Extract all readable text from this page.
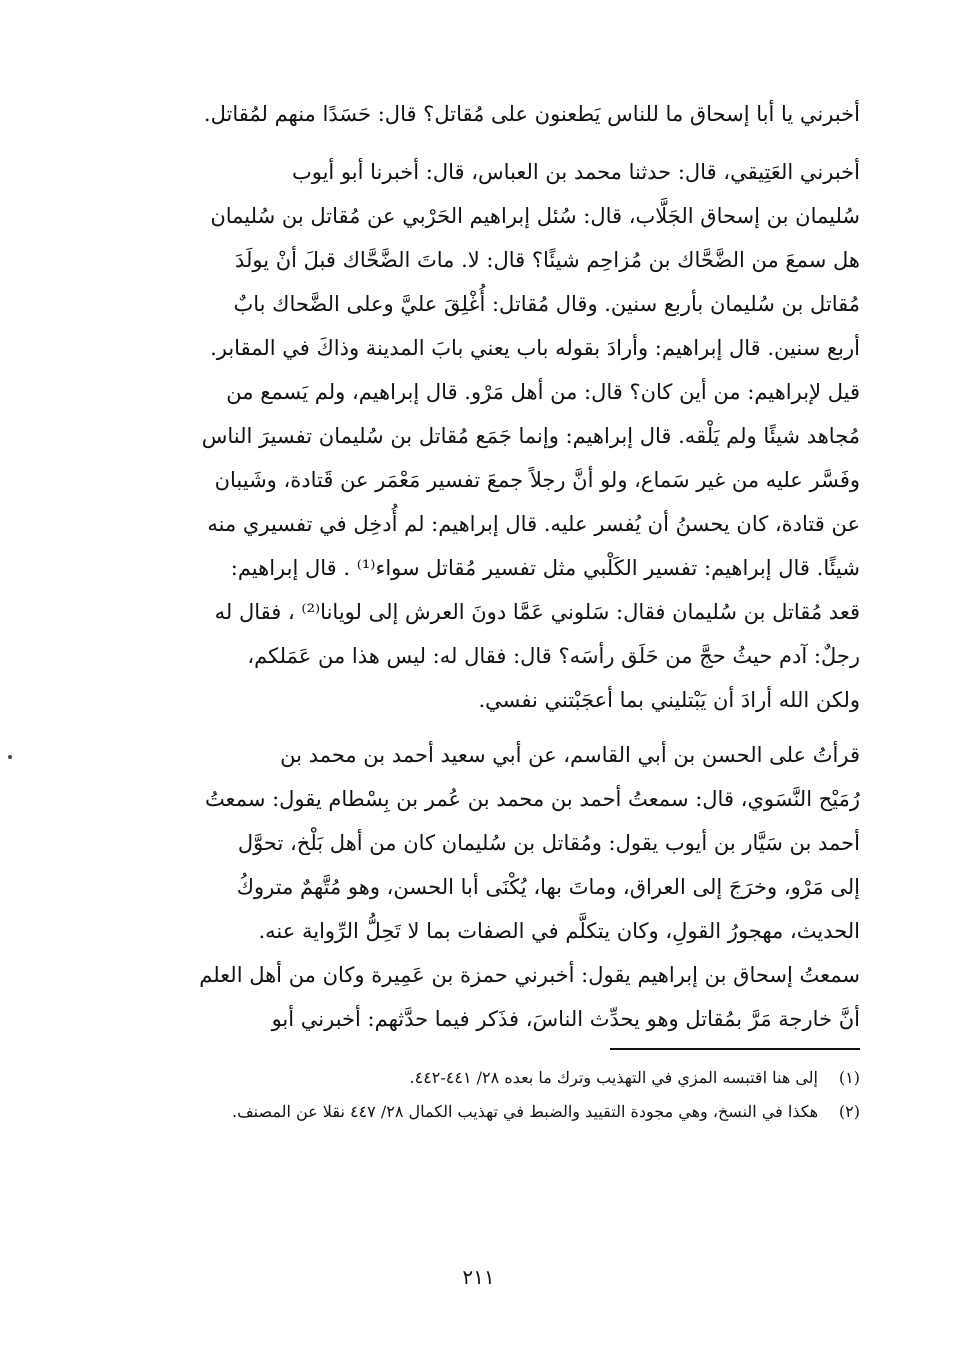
أخبرني يا أبا إسحاق ما للناس يَطعنون على مُقاتل؟ قال: حَسَدًا منهم لمُقاتل.
أخبرني العَتِيقي، قال: حدثنا محمد بن العباس، قال: أخبرنا أبو أيوب
سُليمان بن إسحاق الجَلَّاب، قال: سُئل إبراهيم الحَرْبي عن مُقاتل بن سُليمان
هل سمعَ من الضَّحَّاك بن مُزاحِم شيئًا؟ قال: لا. ماتَ الضَّحَّاك قبلَ أنْ يولَدَ
مُقاتل بن سُليمان بأربع سنين. وقال مُقاتل: أُغْلِقَ عليَّ وعلى الضَّحاك بابٌ
أربع سنين. قال إبراهيم: وأرادَ بقوله باب يعني بابَ المدينة وذاكَ في المقابر.
قيل لإبراهيم: من أين كان؟ قال: من أهل مَرْو. قال إبراهيم، ولم يَسمع من
مُجاهد شيئًا ولم يَلْقه. قال إبراهيم: وإنما جَمَع مُقاتل بن سُليمان تفسيرَ الناس
وفَسَّر عليه من غير سَماع، ولو أنَّ رجلاً جمعَ تفسير مَعْمَر عن قَتادة، وشَيبان
عن قتادة، كان يحسنُ أن يُفسر عليه. قال إبراهيم: لم أُدخِل في تفسيري منه
شيئًا. قال إبراهيم: تفسير الكَلْبي مثل تفسير مُقاتل سواء⁽¹⁾ . قال إبراهيم:
قعد مُقاتل بن سُليمان فقال: سَلوني عَمَّا دونَ العرش إلى لويانا⁽²⁾ ، فقال له
رجلٌ: آدم حيثُ حجَّ من حَلَق رأسَه؟ قال: فقال له: ليس هذا من عَمَلكم،
ولكن الله أرادَ أن يَبْتليني بما أعجَبْتني نفسي.
قرأتُ على الحسن بن أبي القاسم، عن أبي سعيد أحمد بن محمد بن
رُمَيْح النَّسَوي، قال: سمعتُ أحمد بن محمد بن عُمر بن بِسْطام يقول: سمعتُ
أحمد بن سَيَّار بن أيوب يقول: ومُقاتل بن سُليمان كان من أهل بَلْخ، تحوَّل
إلى مَرْو، وخرَجَ إلى العراق، وماتَ بها، يُكْنَى أبا الحسن، وهو مُتَّهمٌ متروكُ
الحديث، مهجورُ القولِ، وكان يتكلَّم في الصفات بما لا تَحِلُّ الرِّواية عنه.
سمعتُ إسحاق بن إبراهيم يقول: أخبرني حمزة بن عَمِيرة وكان من أهل العلم
أنَّ خارجة مَرَّ بمُقاتل وهو يحدِّث الناسَ، فذَكر فيما حدَّثهم: أخبرني أبو
(١)
إلى هنا اقتبسه المزي في التهذيب وترك ما بعده ٢٨/ ٤٤١-٤٤٢.
(٢)
هكذا في النسخ، وهي مجودة التقييد والضبط في تهذيب الكمال ٢٨/ ٤٤٧ نقلا عن المصنف.
٢١١
